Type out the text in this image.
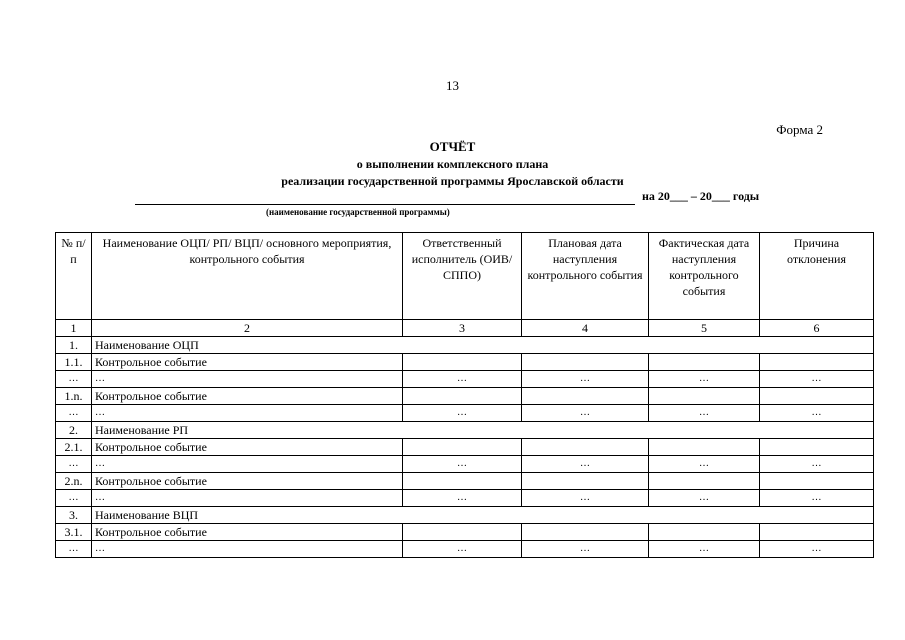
13
Форма 2
ОТЧЁТ
о выполнении комплексного плана
реализации государственной программы Ярославской области
на 20___ – 20___ годы
(наименование государственной программы)
№ п/п	Наименование ОЦП/ РП/ ВЦП/ основного мероприятия, контрольного события	Ответственный исполнитель (ОИВ/ СППО)	Плановая дата наступления контрольного события	Фактическая дата наступления контрольного события	Причина отклонения
1	2	3	4	5	6
1.	Наименование ОЦП				
1.1.	Контрольное событие				
…	…	…	…	…	…
1.n.	Контрольное событие				
…	…	…	…	…	…
2.	Наименование РП				
2.1.	Контрольное событие				
…	…	…	…	…	…
2.n.	Контрольное событие				
…	…	…	…	…	…
3.	Наименование ВЦП				
3.1.	Контрольное событие				
…	…	…	…	…	…
